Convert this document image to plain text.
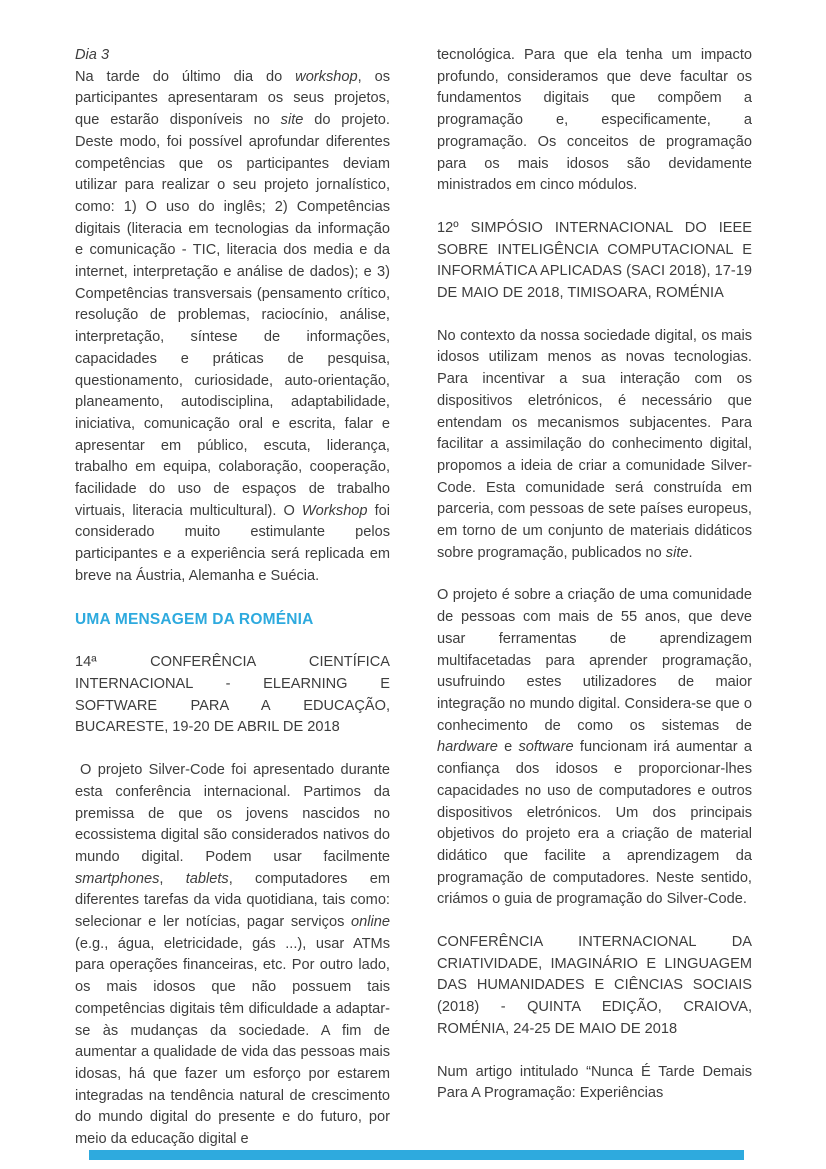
Dia 3

Na tarde do último dia do workshop, os participantes apresentaram os seus projetos, que estarão disponíveis no site do projeto. Deste modo, foi possível aprofundar diferentes competências que os participantes deviam utilizar para realizar o seu projeto jornalístico, como: 1) O uso do inglês; 2) Competências digitais (literacia em tecnologias da informação e comunicação - TIC, literacia dos media e da internet, interpretação e análise de dados); e 3) Competências transversais (pensamento crítico, resolução de problemas, raciocínio, análise, interpretação, síntese de informações, capacidades e práticas de pesquisa, questionamento, curiosidade, auto-orientação, planeamento, autodisciplina, adaptabilidade, iniciativa, comunicação oral e escrita, falar e apresentar em público, escuta, liderança, trabalho em equipa, colaboração, cooperação, facilidade do uso de espaços de trabalho virtuais, literacia multicultural). O Workshop foi considerado muito estimulante pelos participantes e a experiência será replicada em breve na Áustria, Alemanha e Suécia.

UMA MENSAGEM DA ROMÉNIA

14ª CONFERÊNCIA CIENTÍFICA INTERNACIONAL - ELEARNING E SOFTWARE PARA A EDUCAÇÃO, BUCARESTE, 19-20 DE ABRIL DE 2018

O projeto Silver-Code foi apresentado durante esta conferência internacional. Partimos da premissa de que os jovens nascidos no ecossistema digital são considerados nativos do mundo digital. Podem usar facilmente smartphones, tablets, computadores em diferentes tarefas da vida quotidiana, tais como: selecionar e ler notícias, pagar serviços online (e.g., água, eletricidade, gás ...), usar ATMs para operações financeiras, etc. Por outro lado, os mais idosos que não possuem tais competências digitais têm dificuldade a adaptar-se às mudanças da sociedade. A fim de aumentar a qualidade de vida das pessoas mais idosas, há que fazer um esforço por estarem integradas na tendência natural de crescimento do mundo digital do presente e do futuro, por meio da educação digital e

tecnológica. Para que ela tenha um impacto profundo, consideramos que deve facultar os fundamentos digitais que compõem a programação e, especificamente, a programação. Os conceitos de programação para os mais idosos são devidamente ministrados em cinco módulos.

12º SIMPÓSIO INTERNACIONAL DO IEEE SOBRE INTELIGÊNCIA COMPUTACIONAL E INFORMÁTICA APLICADAS (SACI 2018), 17-19 DE MAIO DE 2018, TIMISOARA, ROMÉNIA

No contexto da nossa sociedade digital, os mais idosos utilizam menos as novas tecnologias. Para incentivar a sua interação com os dispositivos eletrónicos, é necessário que entendam os mecanismos subjacentes. Para facilitar a assimilação do conhecimento digital, propomos a ideia de criar a comunidade Silver-Code. Esta comunidade será construída em parceria, com pessoas de sete países europeus, em torno de um conjunto de materiais didáticos sobre programação, publicados no site.

O projeto é sobre a criação de uma comunidade de pessoas com mais de 55 anos, que deve usar ferramentas de aprendizagem multifacetadas para aprender programação, usufruindo estes utilizadores de maior integração no mundo digital. Considera-se que o conhecimento de como os sistemas de hardware e software funcionam irá aumentar a confiança dos idosos e proporcionar-lhes capacidades no uso de computadores e outros dispositivos eletrónicos. Um dos principais objetivos do projeto era a criação de material didático que facilite a aprendizagem da programação de computadores. Neste sentido, criámos o guia de programação do Silver-Code.

CONFERÊNCIA INTERNACIONAL DA CRIATIVIDADE, IMAGINÁRIO E LINGUAGEM DAS HUMANIDADES E CIÊNCIAS SOCIAIS (2018) - QUINTA EDIÇÃO, CRAIOVA, ROMÉNIA, 24-25 DE MAIO DE 2018

Num artigo intitulado “Nunca É Tarde Demais Para A Programação: Experiências
